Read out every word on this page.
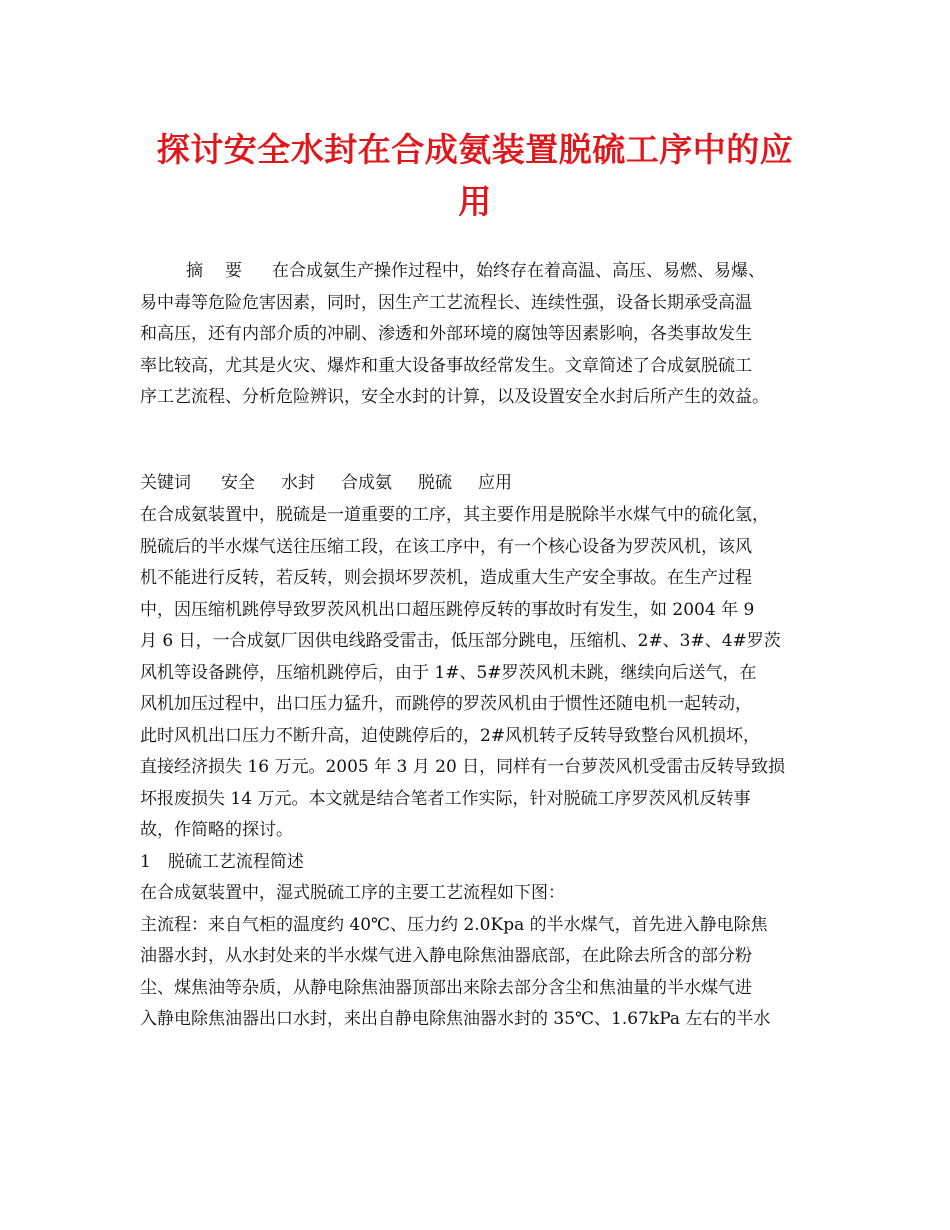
探讨安全水封在合成氨装置脱硫工序中的应
用
摘 要 在合成氨生产操作过程中，始终存在着高温、高压、易燃、易爆、
易中毒等危险危害因素，同时，因生产工艺流程长、连续性强，设备长期承受高温
和高压，还有内部介质的冲刷、渗透和外部环境的腐蚀等因素影响，各类事故发生
率比较高，尤其是火灾、爆炸和重大设备事故经常发生。文章简述了合成氨脱硫工
序工艺流程、分析危险辨识，安全水封的计算，以及设置安全水封后所产生的效益。
关键词 安全 水封 合成氨 脱硫 应用
在合成氨装置中，脱硫是一道重要的工序，其主要作用是脱除半水煤气中的硫化氢，
脱硫后的半水煤气送往压缩工段，在该工序中，有一个核心设备为罗茨风机，该风
机不能进行反转，若反转，则会损坏罗茨机，造成重大生产安全事故。在生产过程
中，因压缩机跳停导致罗茨风机出口超压跳停反转的事故时有发生，如 2004 年 9
月 6 日，一合成氨厂因供电线路受雷击，低压部分跳电，压缩机、2#、3#、4#罗茨
风机等设备跳停，压缩机跳停后，由于 1#、5#罗茨风机未跳，继续向后送气，在
风机加压过程中，出口压力猛升，而跳停的罗茨风机由于惯性还随电机一起转动，
此时风机出口压力不断升高，迫使跳停后的，2#风机转子反转导致整台风机损坏，
直接经济损失 16 万元。2005 年 3 月 20 日，同样有一台萝茨风机受雷击反转导致损
坏报废损失 14 万元。本文就是结合笔者工作实际，针对脱硫工序罗茨风机反转事
故，作简略的探讨。
1　脱硫工艺流程简述
在合成氨装置中，湿式脱硫工序的主要工艺流程如下图：
主流程：来自气柜的温度约 40℃、压力约 2.0Kpa 的半水煤气，首先进入静电除焦
油器水封，从水封处来的半水煤气进入静电除焦油器底部，在此除去所含的部分粉
尘、煤焦油等杂质，从静电除焦油器顶部出来除去部分含尘和焦油量的半水煤气进
入静电除焦油器出口水封，来出自静电除焦油器水封的 35℃、1.67kPa 左右的半水
